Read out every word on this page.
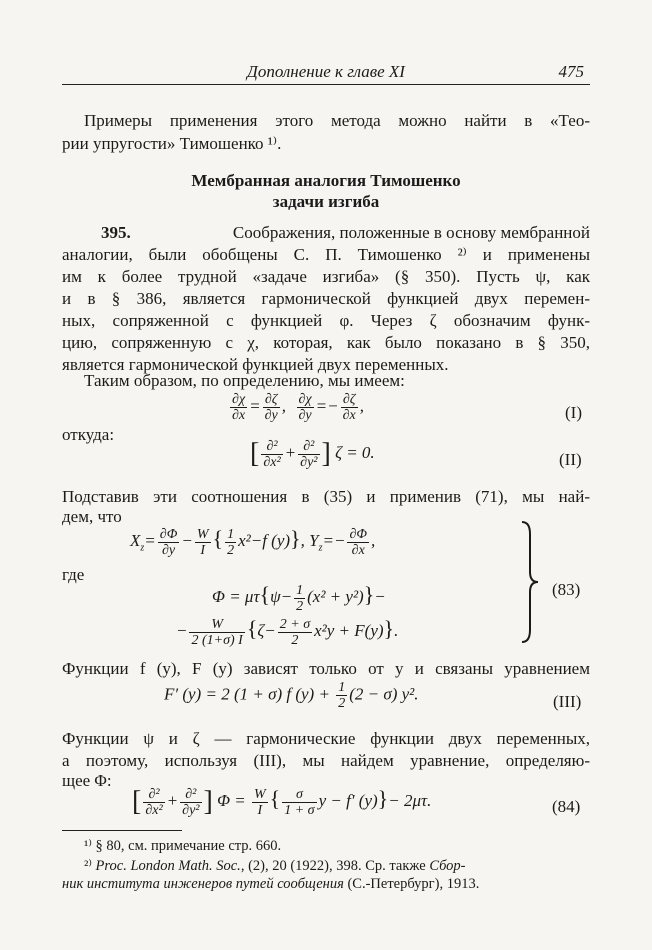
Дополнение к главе XI	475
Примеры применения этого метода можно найти в «Тео-
рии упругости» Тимошенко ¹⁾.
Мембранная аналогия Тимошенко
задачи изгиба
395.	Соображения, положенные в основу мембранной
аналогии, были обобщены С. П. Тимошенко ²⁾ и применены
им к более трудной «задаче изгиба» (§ 350). Пусть ψ, как
и в § 386, является гармонической функцией двух перемен-
ных, сопряженной с функцией φ. Через ζ обозначим функ-
цию, сопряженную с χ, которая, как было показано в § 350,
является гармонической функцией двух переменных.
Таким образом, по определению, мы имеем:
$\frac{\partial\chi}{\partial x} = \frac{\partial\zeta}{\partial y}$ , $\frac{\partial\chi}{\partial y} =- \frac{\partial\zeta}{\partial x}$ ,	(I)
откуда:
[ $\frac{\text{∂²}}{\text{∂x²}} + \frac{\text{∂²}}{\text{∂y²}}$ ] ζ = 0.	(II)
Подставив эти соотношения в (35) и применив (71), мы най-
дем, что
$X_z= \frac{\partial\Phi}{\partial y} - \frac{W}{I}$ { $\frac{1}{2} x^2-f$ (y)}, $Y_z=- \frac{\partial\Phi}{\partial x}$ ,
где
$\Phi = \mu\tau\{\psi- \frac{1}{2} (x^2 + y^2)\}-$
− $\frac{W}{2 (1+\sigma) I} \{\zeta- \frac{2 + \sigma}{2} x^2y + F(y)\}$.
(83)
Функции f (y), F (y) зависят только от y и связаны уравнением
F′ (y) = 2 (1 + σ) f $(y) + \frac{1}{2} (2 - \sigma)$ y².	(III)
Функции ψ и ζ — гармонические функции двух переменных,
а поэтому, используя (III), мы найдем уравнение, определяю-
щее Φ:
[ $\frac{\text{∂²}}{\text{∂x²}} + \frac{\text{∂²}}{\text{∂y²}}$ ] $\Phi = \frac{W}{I}$ { $\frac{\sigma}{1 + \sigma}$ y − f′ (y)}− 2μτ.	(84)
¹⁾ § 80, см. примечание стр. 660.
²⁾ Proc. London Math. Soc., (2), 20 (1922), 398. Ср. также Сбор-
ник института инженеров путей сообщения (С.-Петербург), 1913.
